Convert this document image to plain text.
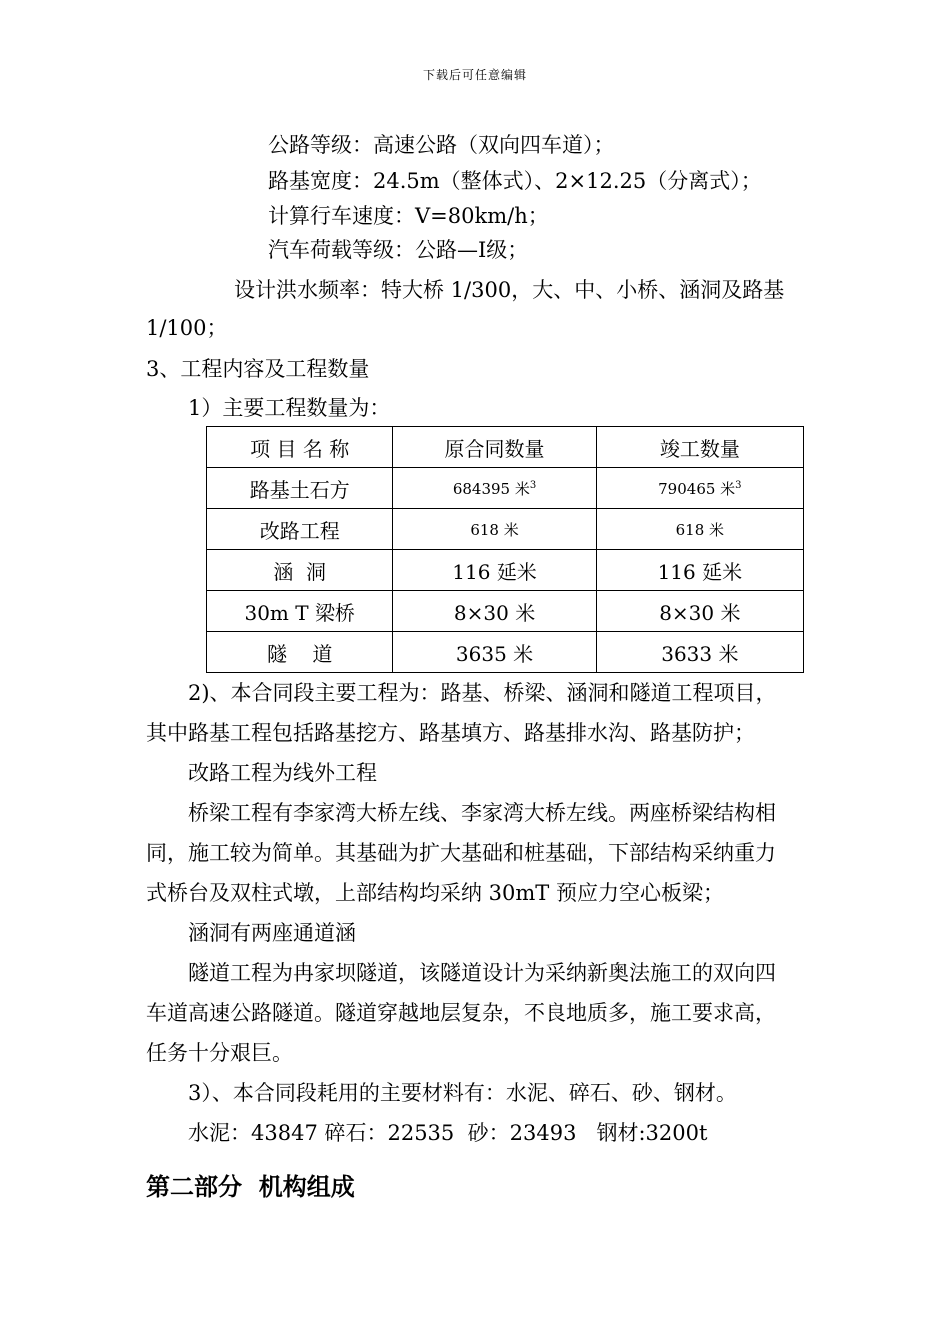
下载后可任意编辑
公路等级：高速公路（双向四车道）；
路基宽度：24.5m（整体式）、2×12.25（分离式）；
计算行车速度：V=80km/h；
汽车荷载等级：公路—Ⅰ级；
设计洪水频率：特大桥 1/300，大、中、小桥、涵洞及路基
1/100；
3、工程内容及工程数量
1）主要工程数量为：
项 目 名 称	原合同数量	竣工数量
路基土石方	684395 米$^3$	790465 米$^3$
改路工程	618 米	618 米
涵  洞	116 延米	116 延米
30m T 梁桥	8×30 米	8×30 米
隧    道	3635 米	3633 米
2)、本合同段主要工程为：路基、桥梁、涵洞和隧道工程项目，
其中路基工程包括路基挖方、路基填方、路基排水沟、路基防护；
改路工程为线外工程
桥梁工程有李家湾大桥左线、李家湾大桥左线。两座桥梁结构相
同，施工较为简单。其基础为扩大基础和桩基础，下部结构采纳重力
式桥台及双柱式墩，上部结构均采纳 30mT 预应力空心板梁；
涵洞有两座通道涵
隧道工程为冉家坝隧道，该隧道设计为采纳新奥法施工的双向四
车道高速公路隧道。隧道穿越地层复杂，不良地质多，施工要求高，
任务十分艰巨。
3）、本合同段耗用的主要材料有：水泥、碎石、砂、钢材。
水泥：43847 碎石：22535  砂：23493   钢材:3200t
第二部分  机构组成
